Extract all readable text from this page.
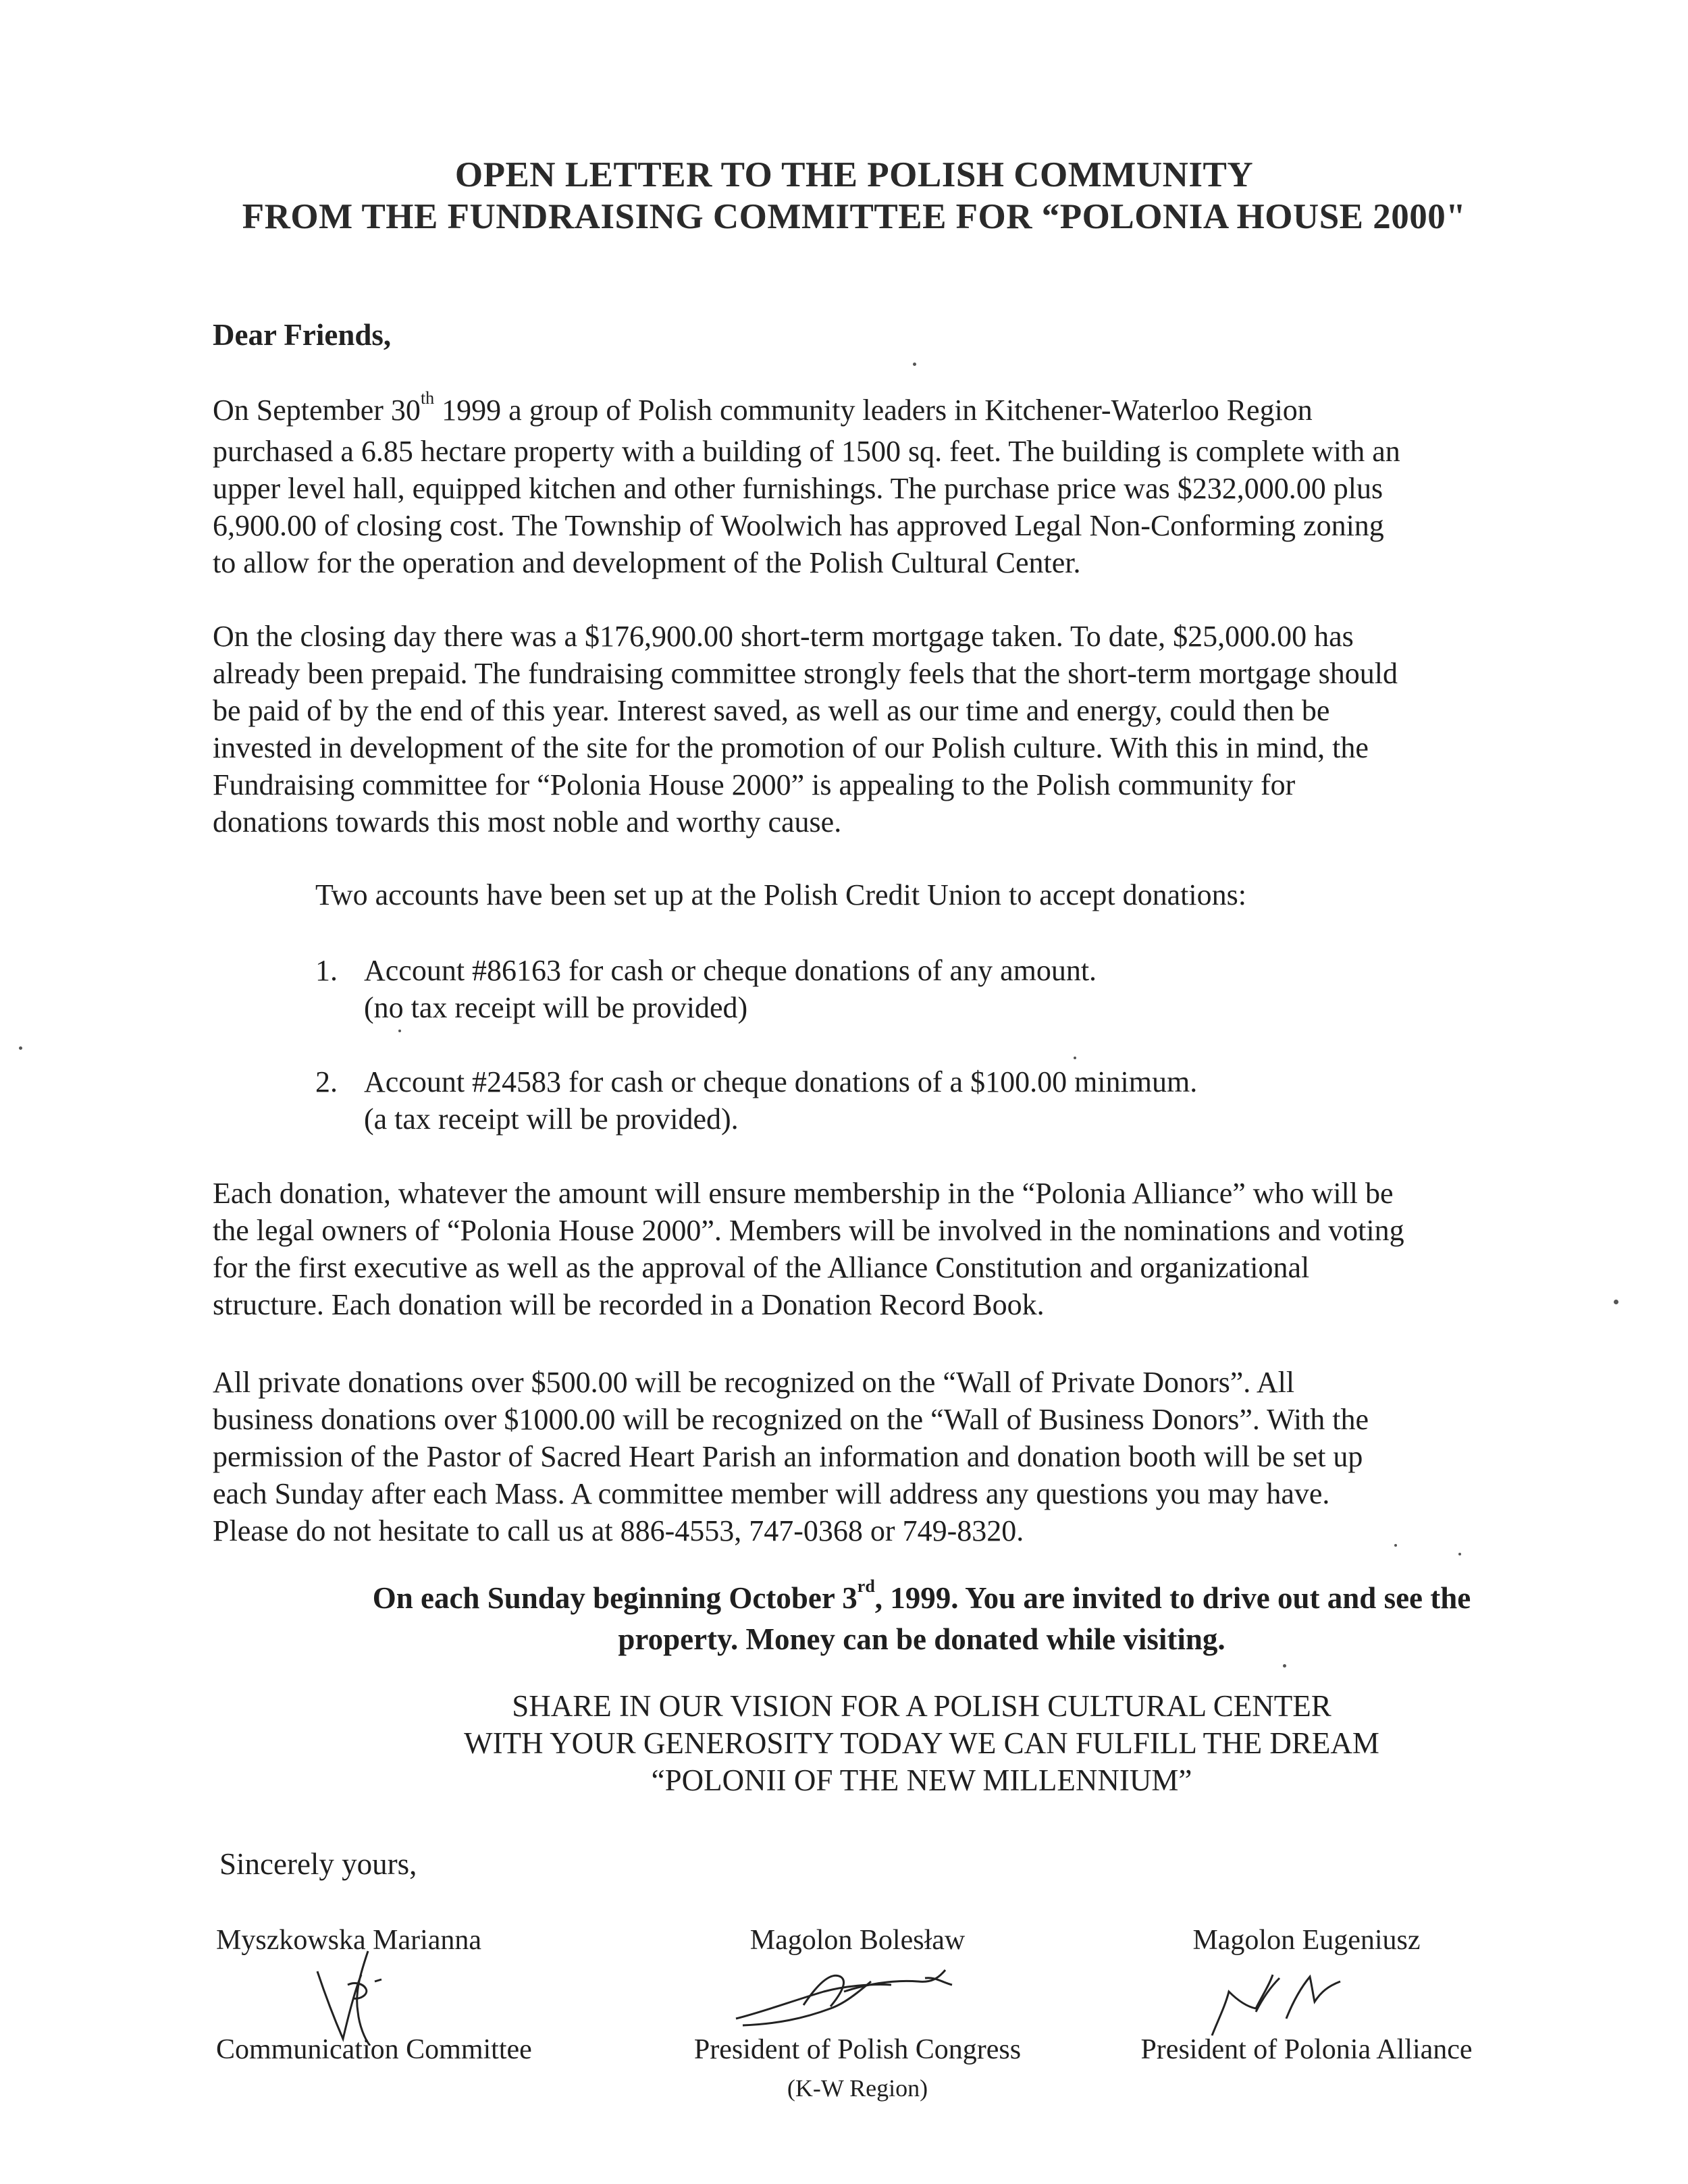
OPEN LETTER TO THE POLISH COMMUNITY
FROM THE FUNDRAISING COMMITTEE FOR “POLONIA HOUSE 2000"
Dear Friends,
On September 30th 1999 a group of Polish community leaders in Kitchener-Waterloo Region
purchased a 6.85 hectare property with a building of 1500 sq. feet. The building is complete with an
upper level hall, equipped kitchen and other furnishings. The purchase price was $232,000.00 plus
6,900.00 of closing cost. The Township of Woolwich has approved Legal Non-Conforming zoning
to allow for the operation and development of the Polish Cultural Center.
On the closing day there was a $176,900.00 short-term mortgage taken. To date, $25,000.00 has
already been prepaid. The fundraising committee strongly feels that the short-term mortgage should
be paid of by the end of this year. Interest saved, as well as our time and energy, could then be
invested in development of the site for the promotion of our Polish culture. With this in mind, the
Fundraising committee for “Polonia House 2000” is appealing to the Polish community for
donations towards this most noble and worthy cause.
Two accounts have been set up at the Polish Credit Union to accept donations:
1. Account #86163 for cash or cheque donations of any amount.
(no tax receipt will be provided)
2. Account #24583 for cash or cheque donations of a $100.00 minimum.
(a tax receipt will be provided).
Each donation, whatever the amount will ensure membership in the “Polonia Alliance” who will be
the legal owners of “Polonia House 2000”. Members will be involved in the nominations and voting
for the first executive as well as the approval of the Alliance Constitution and organizational
structure. Each donation will be recorded in a Donation Record Book.
All private donations over $500.00 will be recognized on the “Wall of Private Donors”. All
business donations over $1000.00 will be recognized on the “Wall of Business Donors”. With the
permission of the Pastor of Sacred Heart Parish an information and donation booth will be set up
each Sunday after each Mass. A committee member will address any questions you may have.
Please do not hesitate to call us at 886-4553, 747-0368 or 749-8320.
On each Sunday beginning October 3rd, 1999. You are invited to drive out and see the
property. Money can be donated while visiting.
SHARE IN OUR VISION FOR A POLISH CULTURAL CENTER
WITH YOUR GENEROSITY TODAY WE CAN FULFILL THE DREAM
“POLONII OF THE NEW MILLENNIUM”
Sincerely yours,
Myszkowska Marianna
Communication Committee
Magolon Bolesław
President of Polish Congress
(K-W Region)
Magolon Eugeniusz
President of Polonia Alliance
